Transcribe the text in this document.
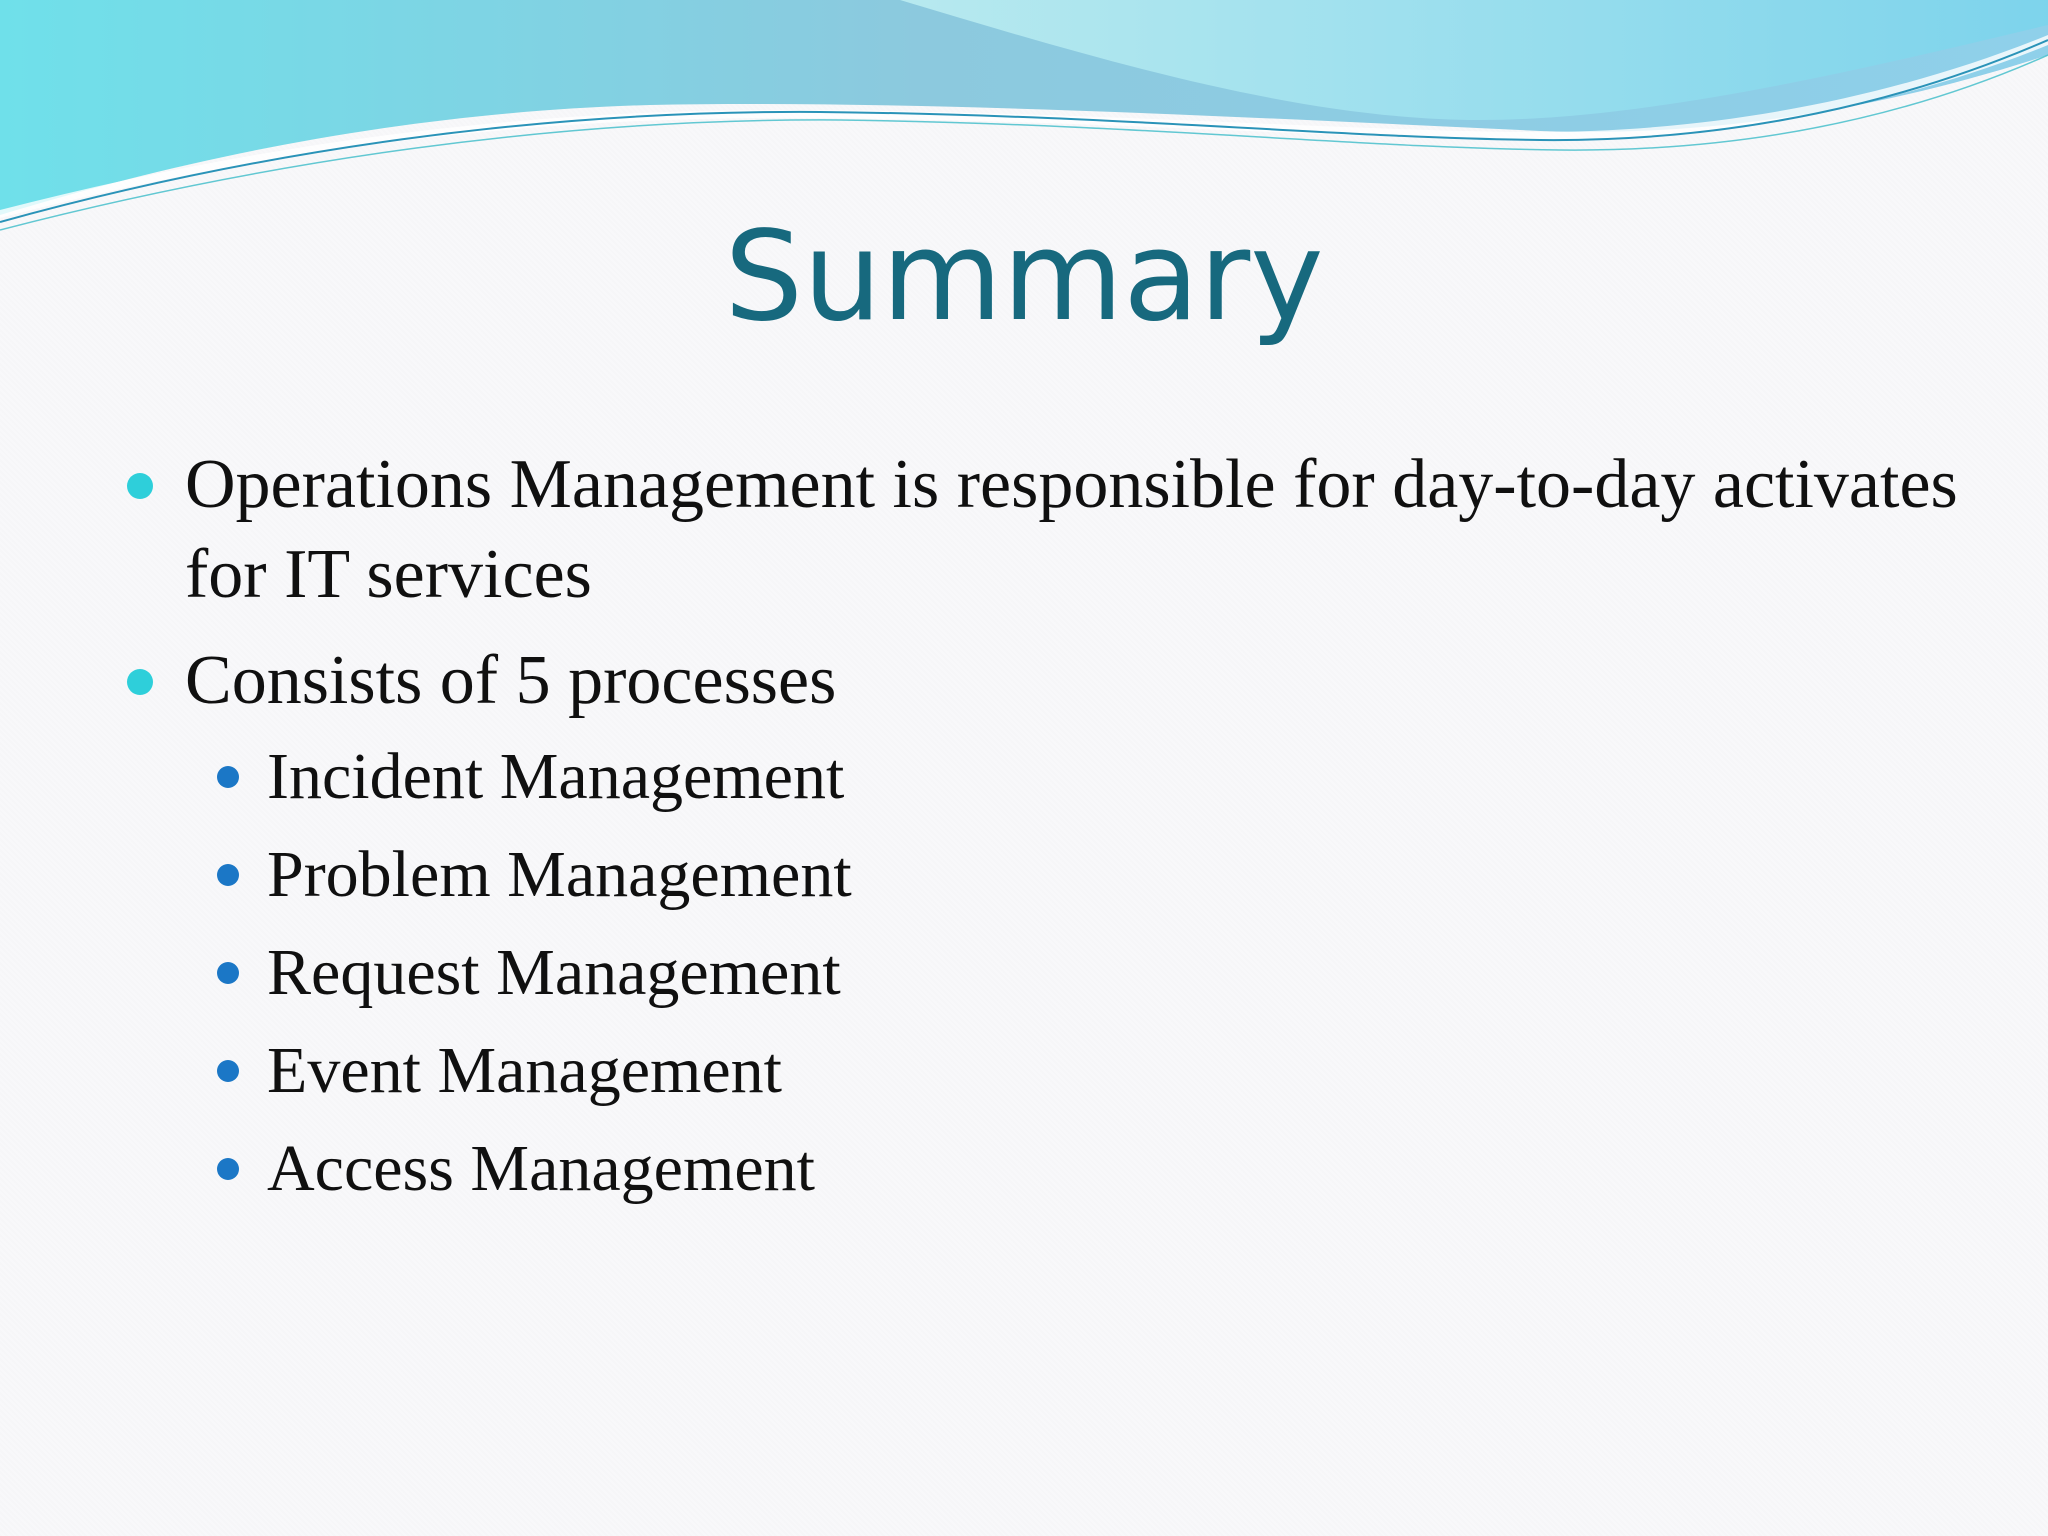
Summary
Operations Management is responsible for day-to-day activates for IT services
Consists of 5 processes
Incident Management
Problem Management
Request Management
Event Management
Access Management
